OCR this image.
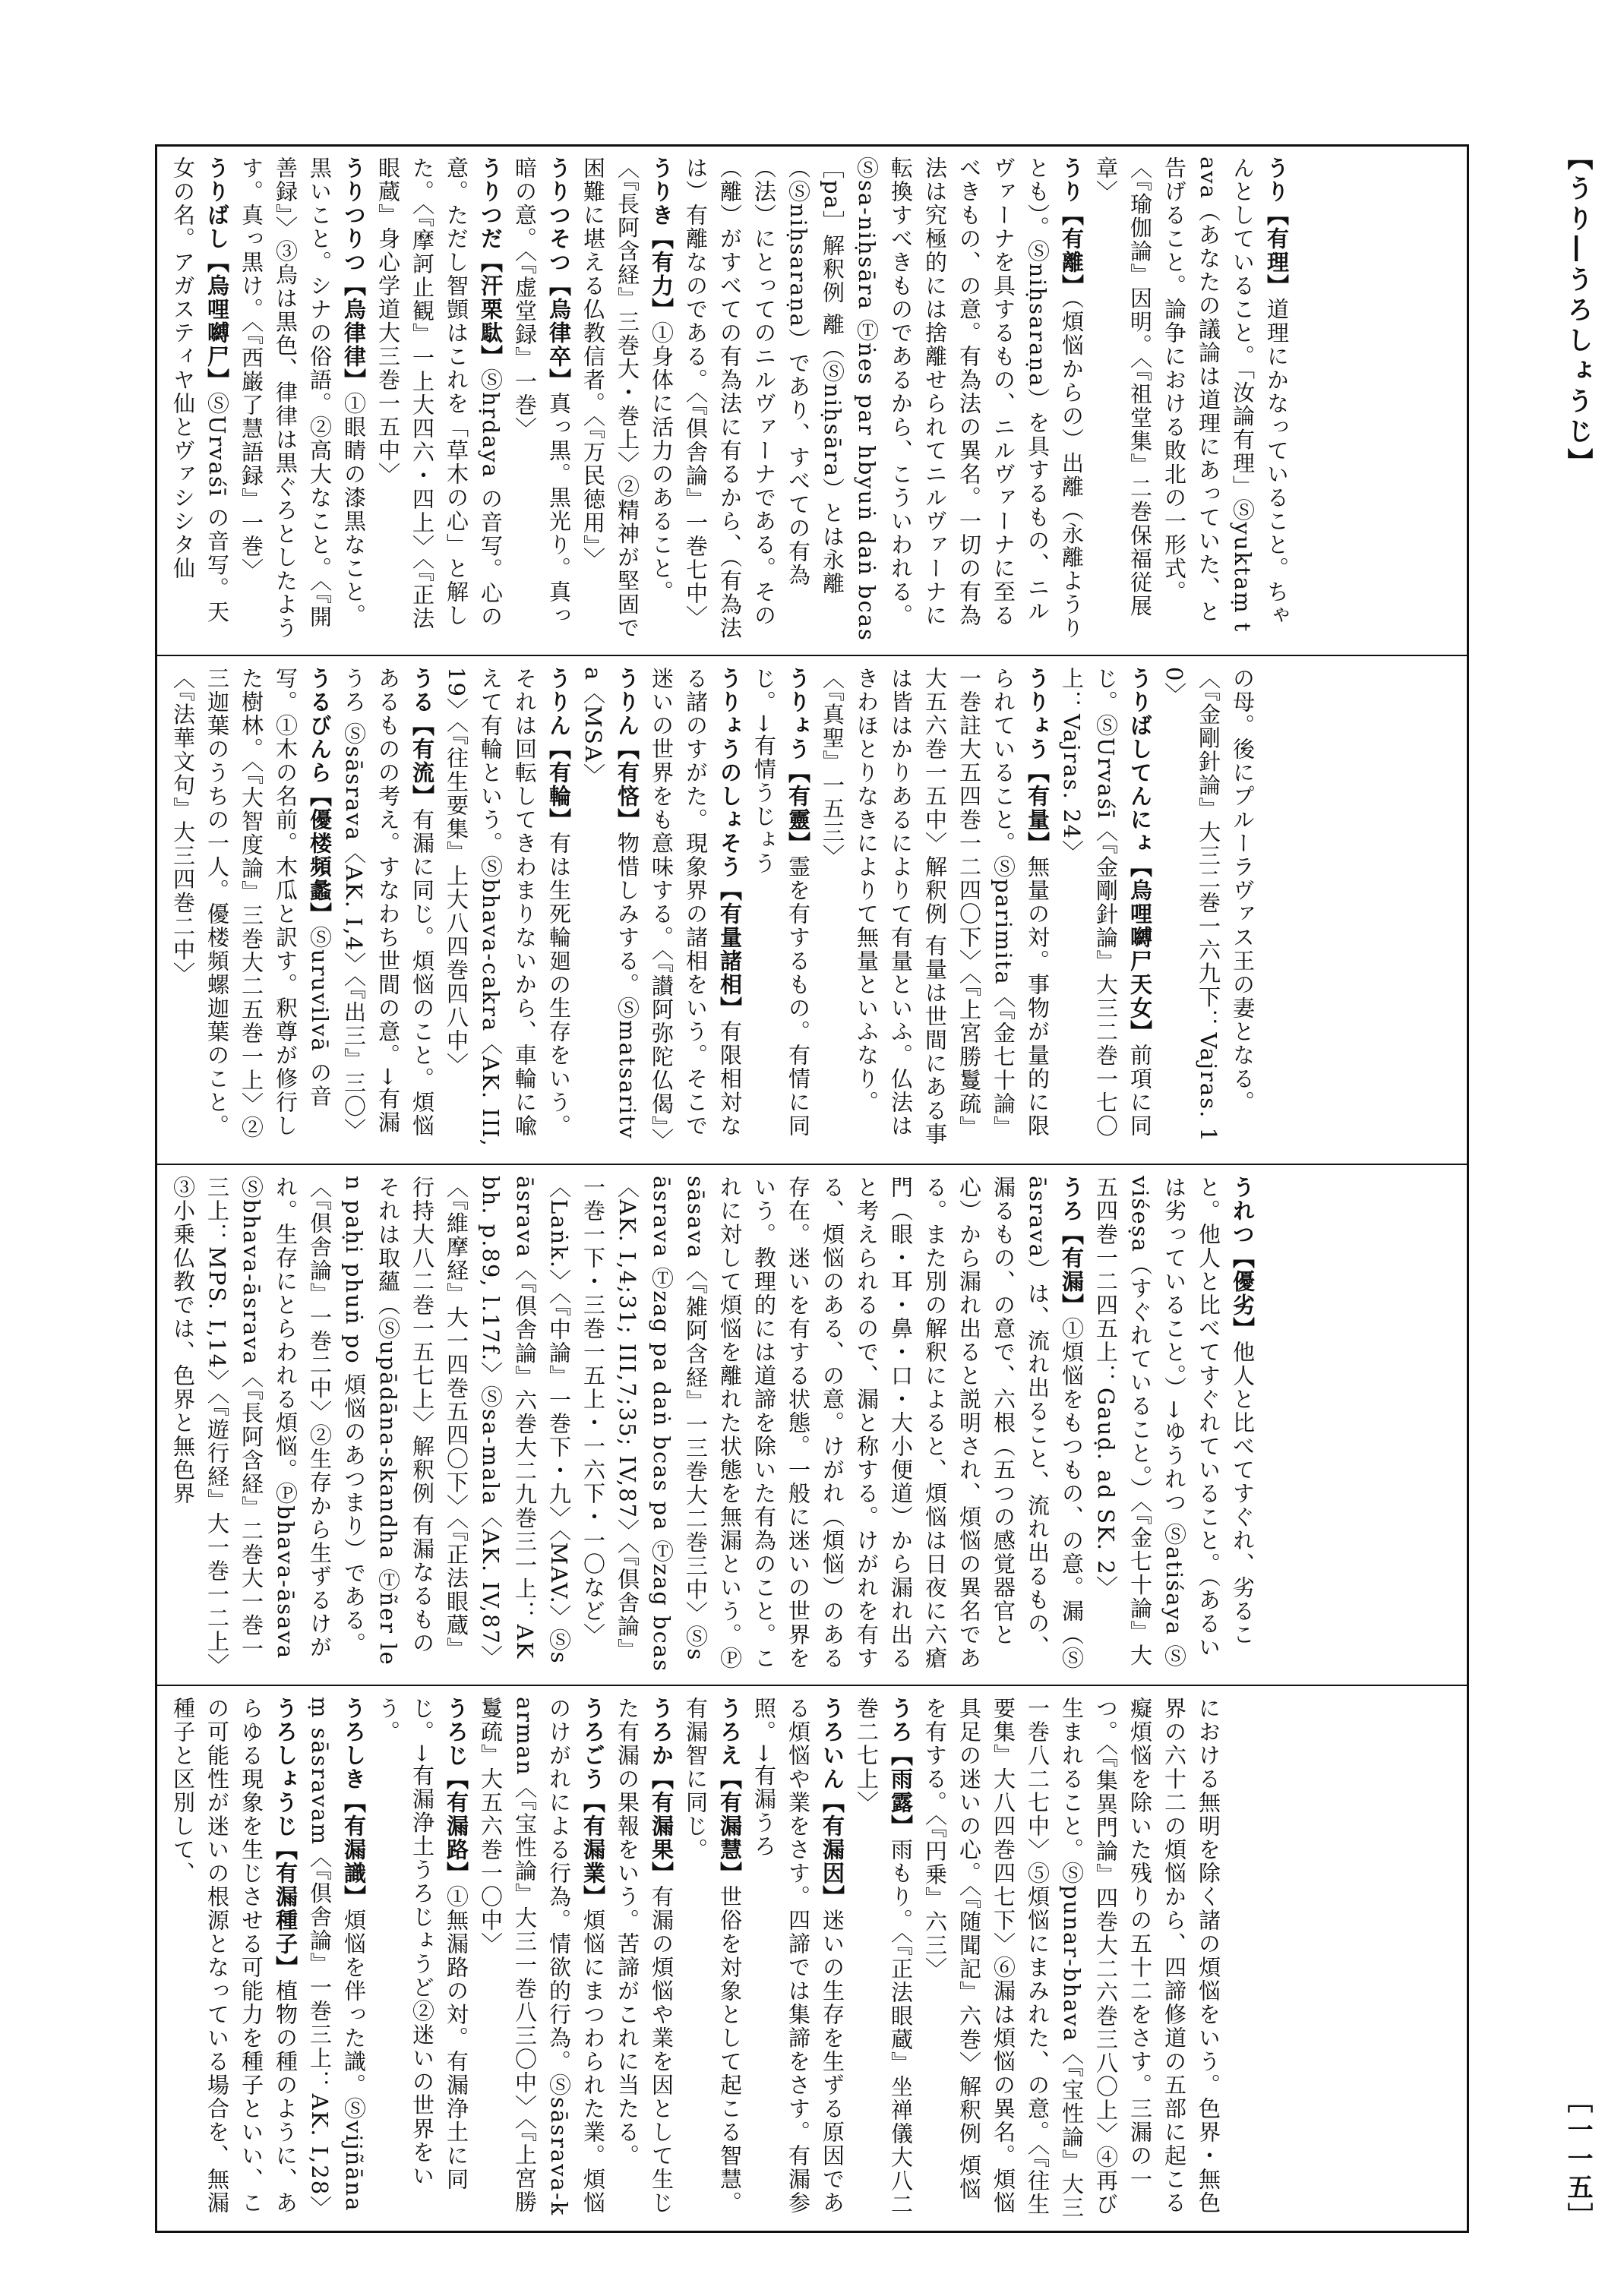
【うり―うろしょうじ】
［一一五］

うり【有理】道理にかなっていること。ちゃんとしていること。「汝論有理」Ⓢyuktaṃ tava（あなたの議論は道理にあっていた、と告げること。論争における敗北の一形式。〈『瑜伽論』因明。〈『祖堂集』二巻保福従展章〉

うり【有離】（煩悩からの）出離（永離ようりとも）。Ⓢniḥsaraṇa）を具するもの、ニルヴァーナを具するもの、ニルヴァーナに至るべきもの、の意。有為法の異名。一切の有為法は究極的には捨離せられてニルヴァーナに転換すべきものであるから、こういわれる。Ⓢsa-niḥsāra Ⓣṅes par hbyuṅ daṅ bcas［pa］解釈例 離（Ⓢniḥsāra）とは永離（Ⓢniḥsaraṇa）であり、すべての有為（法）にとってのニルヴァーナである。その（離）がすべての有為法に有るから、（有為法は）有離なのである。〈『倶舎論』一巻七中〉

うりき【有力】①身体に活力のあること。〈『長阿含経』三巻大・巻上〉②精神が堅固で困難に堪える仏教信者。〈『万民徳用』〉

うりつそつ【烏律卒】真っ黒。黒光り。真っ暗の意。〈『虚堂録』一巻〉

うりつだ【汗栗駄】Ⓢhṛdaya の音写。心の意。ただし智顗はこれを「草木の心」と解した。〈『摩訶止観』一上大四六・四上〉〈『正法眼蔵』身心学道大三巻一五中〉

うりつりつ【烏律律】①眼睛の漆黒なこと。黒いこと。シナの俗語。②高大なこと。〈『開善録』〉③烏は黒色、律律は黒ぐろとしたようす。真っ黒け。〈『西巌了慧語録』一巻〉

うりばし【烏哩嚩尸】ⓈUrvaśī の音写。天女の名。アガスティヤ仙とヴァシシタ仙

の母。後にプルーラヴァス王の妻となる。〈『金剛針論』大三二巻一六九下：Vajras. 10〉

うりばしてんにょ【烏哩嚩尸天女】前項に同じ。ⓈUrvaśī〈『金剛針論』大三二巻一七〇上：Vajras. 24〉

うりょう【有量】無量の対。事物が量的に限られていること。Ⓢparimita〈『金七十論』一巻註大五四巻一二四〇下〉〈『上宮勝鬘疏』大五六巻一五中〉解釈例 有量は世間にある事は皆はかりあるによりて有量といふ。仏法はきわほとりなきによりて無量といふなり。〈『真聖』一五三〉

うりょう【有靈】霊を有するもの。有情に同じ。→有情うじょう

うりょうのしょそう【有量諸相】有限相対なる諸のすがた。現象界の諸相をいう。そこで迷いの世界をも意味する。〈『讃阿弥陀仏偈』〉

うりん【有悋】物惜しみする。Ⓢmatsaritva〈MSA〉

うりん【有輪】有は生死輪廻の生存をいう。それは回転してきわまりないから、車輪に喩えて有輪という。Ⓢbhava-cakra〈AK. III,19〉〈『往生要集』上大八四巻四八中〉

うる【有流】有漏に同じ。煩悩のこと。煩悩あるものの考え。すなわち世間の意。→有漏うろ Ⓢsāsrava〈AK. I,4〉〈『出三』三〇〉

うるびんら【優楼頻蠡】Ⓢuruvilvā の音写。①木の名前。木瓜と訳す。釈尊が修行した樹林。〈『大智度論』三巻大二五巻一上〉②三迦葉のうちの一人。優楼頻螺迦葉のこと。〈『法華文句』大三四巻二中〉

うれつ【優劣】他人と比べてすぐれ、劣ること。他人と比べてすぐれていること。（あるいは劣っていること。）→ゆうれつ Ⓢatiśaya Ⓢviśeṣa（すぐれていること。）〈『金七十論』大五四巻一二四五上：Gauḍ. ad SK. 2〉

うろ【有漏】①煩悩をもつもの、の意。漏（Ⓢāsrava）は、流れ出ること、流れ出るもの、漏るもの、の意で、六根（五つの感覚器官と心）から漏れ出ると説明され、煩悩の異名である。また別の解釈によると、煩悩は日夜に六瘡門（眼・耳・鼻・口・大小便道）から漏れ出ると考えられるので、漏と称する。けがれを有する、煩悩のある、の意。けがれ（煩悩）のある存在。迷いを有する状態。一般に迷いの世界をいう。教理的には道諦を除いた有為のこと。これに対して煩悩を離れた状態を無漏という。Ⓟsāsava〈『雑阿含経』一三巻大二巻三中〉Ⓢsāsrava Ⓣzag pa daṅ bcas pa Ⓣzag bcas〈AK. I,4;31; III,7;35; IV,87〉〈『倶舎論』一巻一下・三巻一五上・一六下・一〇など〉〈Laṅk.〉〈『中論』一巻下・九〉〈MAV.〉Ⓢsāsrava〈『倶舎論』六巻大二九巻三一上：AKbh. p.89, l.17f.〉Ⓢsa-mala〈AK. IV,87〉〈『維摩経』大一四巻五四〇下〉〈『正法眼蔵』行持大八二巻一五七上〉解釈例 有漏なるものそれは取蘊（Ⓢupādāna-skandha Ⓣñer len paḥi phuṅ po 煩悩のあつまり）である。〈『倶舎論』一巻二中〉②生存から生ずるけがれ。生存にとらわれる煩悩。Ⓟbhava-āsava Ⓢbhava-āsrava〈『長阿含経』二巻大一巻一三上：MPS. I,14〉〈『遊行経』大一巻一二上〉③小乗仏教では、色界と無色界

における無明を除く諸の煩悩をいう。色界・無色界の六十二の煩悩から、四諦修道の五部に起こる癡煩悩を除いた残りの五十二をさす。三漏の一つ。〈『集異門論』四巻大二六巻三八〇上〉④再び生まれること。Ⓢpunar-bhava〈『宝性論』大三一巻八二七中〉⑤煩悩にまみれた、の意。〈『往生要集』大八四巻四七下〉⑥漏は煩悩の異名。煩悩具足の迷いの心。〈『随聞記』六巻〉解釈例 煩悩を有する。〈『円乗』六三〉

うろ【雨露】雨もり。〈『正法眼蔵』坐禅儀大八二巻二七上〉

うろいん【有漏因】迷いの生存を生ずる原因である煩悩や業をさす。四諦では集諦をさす。有漏参照。→有漏うろ

うろえ【有漏慧】世俗を対象として起こる智慧。有漏智に同じ。

うろか【有漏果】有漏の煩悩や業を因として生じた有漏の果報をいう。苦諦がこれに当たる。

うろごう【有漏業】煩悩にまつわられた業。煩悩のけがれによる行為。情欲的行為。Ⓢsāsrava-karman〈『宝性論』大三一巻八三〇中〉〈『上宮勝鬘疏』大五六巻一〇中〉

うろじ【有漏路】①無漏路の対。有漏浄土に同じ。→有漏浄土うろじょうど②迷いの世界をいう。

うろしき【有漏識】煩悩を伴った識。Ⓢvijñānaṃ sāsravam〈『倶舎論』一巻三上：AK. I,28〉

うろしょうじ【有漏種子】植物の種のように、あらゆる現象を生じさせる可能力を種子といい、この可能性が迷いの根源となっている場合を、無漏種子と区別して、
